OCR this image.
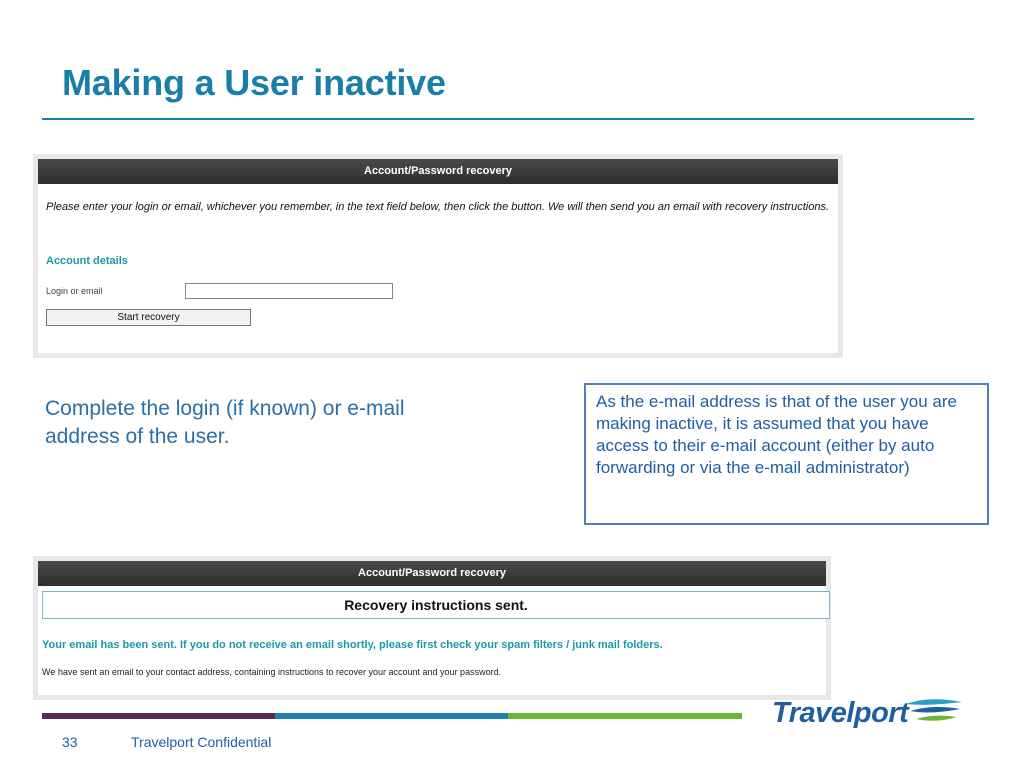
Making a User inactive
Account/Password recovery
Please enter your login or email, whichever you remember, in the text field below, then click the button. We will then send you an email with recovery instructions.
Account details
Login or email
Start recovery
Complete the login (if known) or e-mail address of the user.
As the e-mail address is that of the user you are making inactive, it is assumed that you have access to their e-mail account (either by auto forwarding or via the e-mail administrator)
Account/Password recovery
Recovery instructions sent.
Your email has been sent. If you do not receive an email shortly, please first check your spam filters / junk mail folders.
We have sent an email to your contact address, containing instructions to recover your account and your password.
Travelport
33	Travelport Confidential
